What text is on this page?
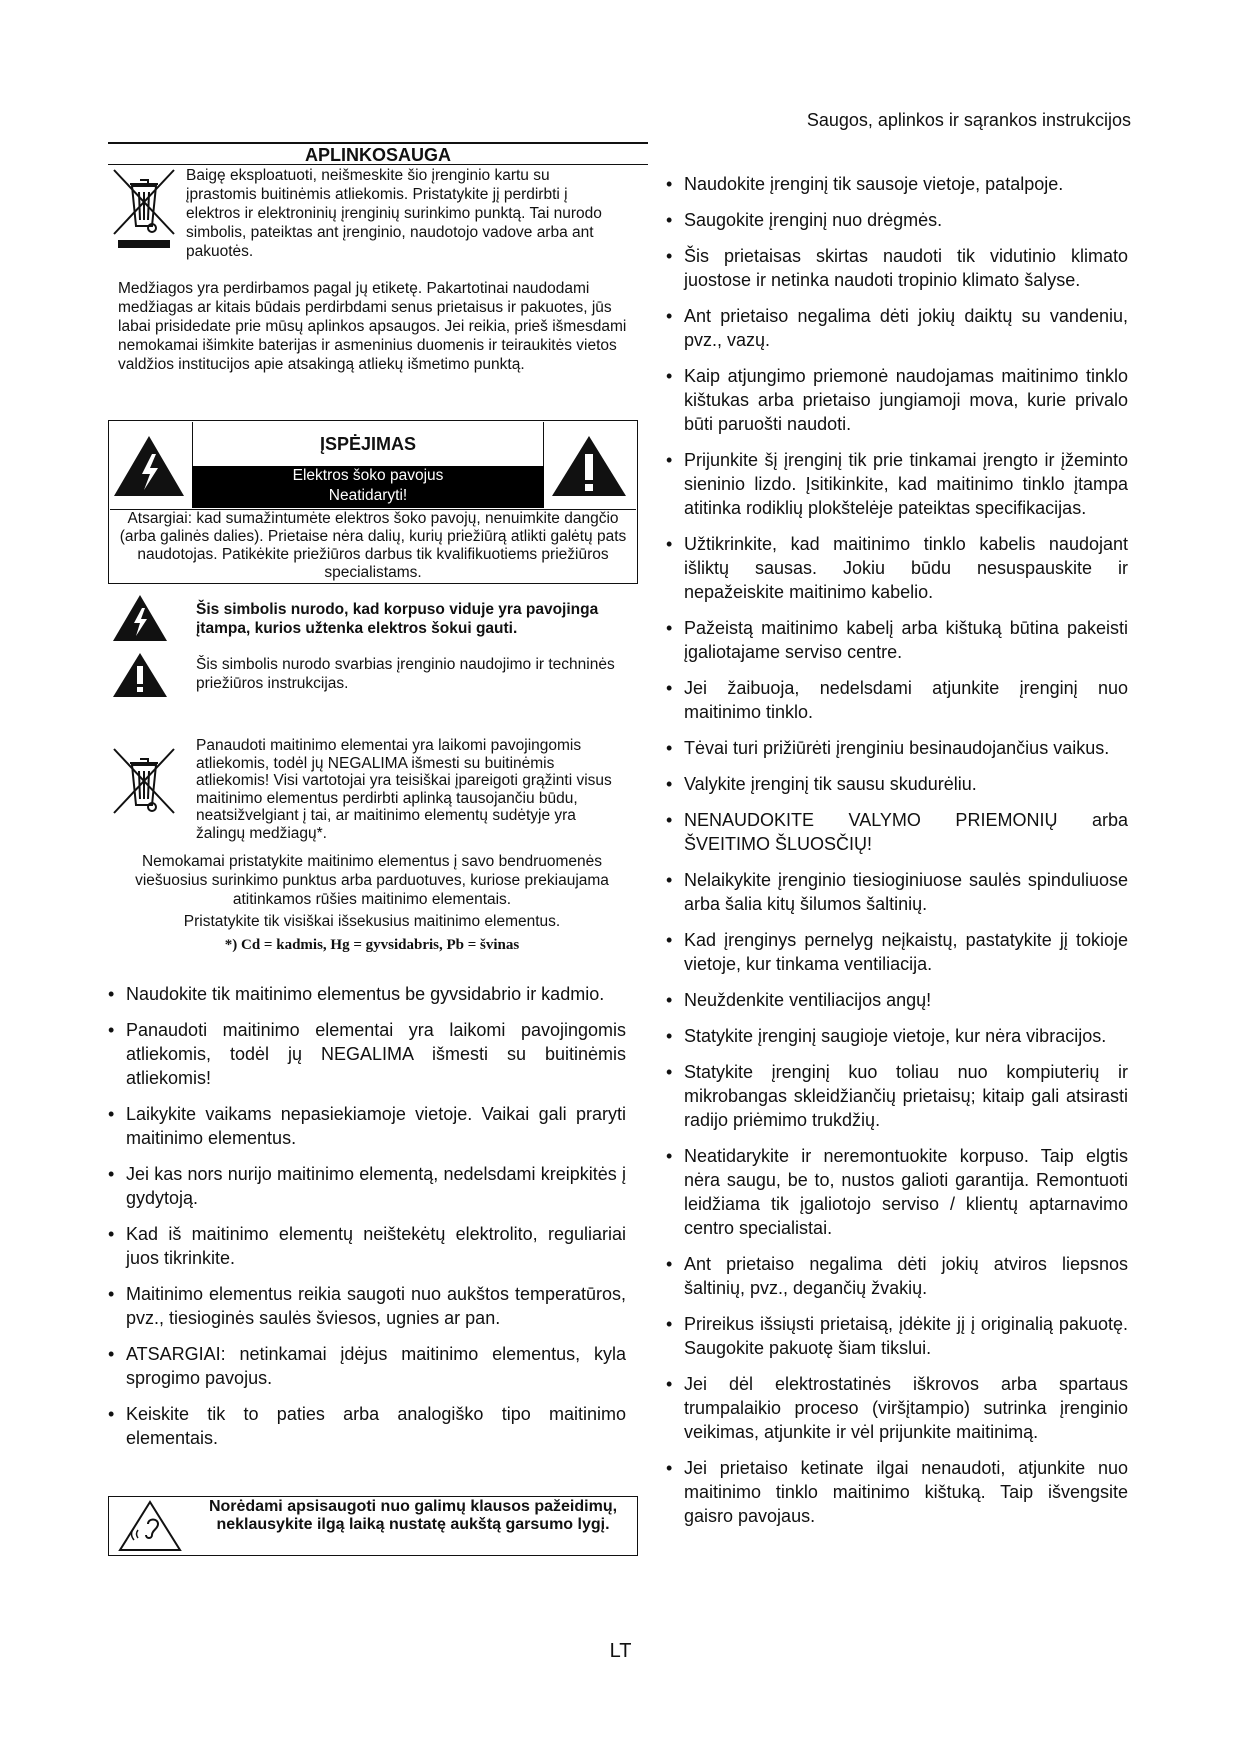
Saugos, aplinkos ir sąrankos instrukcijos
APLINKOSAUGA
Baigę eksploatuoti, neišmeskite šio įrenginio kartu su įprastomis buitinėmis atliekomis. Pristatykite jį perdirbti į elektros ir elektroninių įrenginių surinkimo punktą. Tai nurodo simbolis, pateiktas ant įrenginio, naudotojo vadove arba ant pakuotės.
Medžiagos yra perdirbamos pagal jų etiketę. Pakartotinai naudodami medžiagas ar kitais būdais perdirbdami senus prietaisus ir pakuotes, jūs labai prisidedate prie mūsų aplinkos apsaugos. Jei reikia, prieš išmesdami nemokamai išimkite baterijas ir asmeninius duomenis ir teiraukitės vietos valdžios institucijos apie atsakingą atliekų išmetimo punktą.
ĮSPĖJIMAS
Elektros šoko pavojus
Neatidaryti!
Atsargiai: kad sumažintumėte elektros šoko pavojų, nenuimkite dangčio (arba galinės dalies). Prietaise nėra dalių, kurių priežiūrą atlikti galėtų pats naudotojas. Patikėkite priežiūros darbus tik kvalifikuotiems priežiūros specialistams.
Šis simbolis nurodo, kad korpuso viduje yra pavojinga įtampa, kurios užtenka elektros šokui gauti.
Šis simbolis nurodo svarbias įrenginio naudojimo ir techninės priežiūros instrukcijas.
Panaudoti maitinimo elementai yra laikomi pavojingomis atliekomis, todėl jų NEGALIMA išmesti su buitinėmis atliekomis! Visi vartotojai yra teisiškai įpareigoti grąžinti visus maitinimo elementus perdirbti aplinką tausojančiu būdu, neatsižvelgiant į tai, ar maitinimo elementų sudėtyje yra žalingų medžiagų*.
Nemokamai pristatykite maitinimo elementus į savo bendruomenės viešuosius surinkimo punktus arba parduotuves, kuriose prekiaujama atitinkamos rūšies maitinimo elementais.
Pristatykite tik visiškai išsekusius maitinimo elementus.
*) Cd = kadmis, Hg = gyvsidabris, Pb = švinas
• Naudokite tik maitinimo elementus be gyvsidabrio ir kadmio.
• Panaudoti maitinimo elementai yra laikomi pavojingomis atliekomis, todėl jų NEGALIMA išmesti su buitinėmis atliekomis!
• Laikykite vaikams nepasiekiamoje vietoje. Vaikai gali praryti maitinimo elementus.
• Jei kas nors nurijo maitinimo elementą, nedelsdami kreipkitės į gydytoją.
• Kad iš maitinimo elementų neištekėtų elektrolito, reguliariai juos tikrinkite.
• Maitinimo elementus reikia saugoti nuo aukštos temperatūros, pvz., tiesioginės saulės šviesos, ugnies ar pan.
• ATSARGIAI: netinkamai įdėjus maitinimo elementus, kyla sprogimo pavojus.
• Keiskite tik to paties arba analogiško tipo maitinimo elementais.
Norėdami apsisaugoti nuo galimų klausos pažeidimų, neklausykite ilgą laiką nustatę aukštą garsumo lygį.
• Naudokite įrenginį tik sausoje vietoje, patalpoje.
• Saugokite įrenginį nuo drėgmės.
• Šis prietaisas skirtas naudoti tik vidutinio klimato juostose ir netinka naudoti tropinio klimato šalyse.
• Ant prietaiso negalima dėti jokių daiktų su vandeniu, pvz., vazų.
• Kaip atjungimo priemonė naudojamas maitinimo tinklo kištukas arba prietaiso jungiamoji mova, kurie privalo būti paruošti naudoti.
• Prijunkite šį įrenginį tik prie tinkamai įrengto ir įžeminto sieninio lizdo. Įsitikinkite, kad maitinimo tinklo įtampa atitinka rodiklių plokštelėje pateiktas specifikacijas.
• Užtikrinkite, kad maitinimo tinklo kabelis naudojant išliktų sausas. Jokiu būdu nesuspauskite ir nepažeiskite maitinimo kabelio.
• Pažeistą maitinimo kabelį arba kištuką būtina pakeisti įgaliotajame serviso centre.
• Jei žaibuoja, nedelsdami atjunkite įrenginį nuo maitinimo tinklo.
• Tėvai turi prižiūrėti įrenginiu besinaudojančius vaikus.
• Valykite įrenginį tik sausu skudurėliu.
• NENAUDOKITE VALYMO PRIEMONIŲ arba ŠVEITIMO ŠLUOSČIŲ!
• Nelaikykite įrenginio tiesioginiuose saulės spinduliuose arba šalia kitų šilumos šaltinių.
• Kad įrenginys pernelyg neįkaistų, pastatykite jį tokioje vietoje, kur tinkama ventiliacija.
• Neuždenkite ventiliacijos angų!
• Statykite įrenginį saugioje vietoje, kur nėra vibracijos.
• Statykite įrenginį kuo toliau nuo kompiuterių ir mikrobangas skleidžiančių prietaisų; kitaip gali atsirasti radijo priėmimo trukdžių.
• Neatidarykite ir neremontuokite korpuso. Taip elgtis nėra saugu, be to, nustos galioti garantija. Remontuoti leidžiama tik įgaliotojo serviso / klientų aptarnavimo centro specialistai.
• Ant prietaiso negalima dėti jokių atviros liepsnos šaltinių, pvz., degančių žvakių.
• Prireikus išsiųsti prietaisą, įdėkite jį į originalią pakuotę. Saugokite pakuotę šiam tikslui.
• Jei dėl elektrostatinės iškrovos arba spartaus trumpalaikio proceso (viršįtampio) sutrinka įrenginio veikimas, atjunkite ir vėl prijunkite maitinimą.
• Jei prietaiso ketinate ilgai nenaudoti, atjunkite nuo maitinimo tinklo maitinimo kištuką. Taip išvengsite gaisro pavojaus.
LT
